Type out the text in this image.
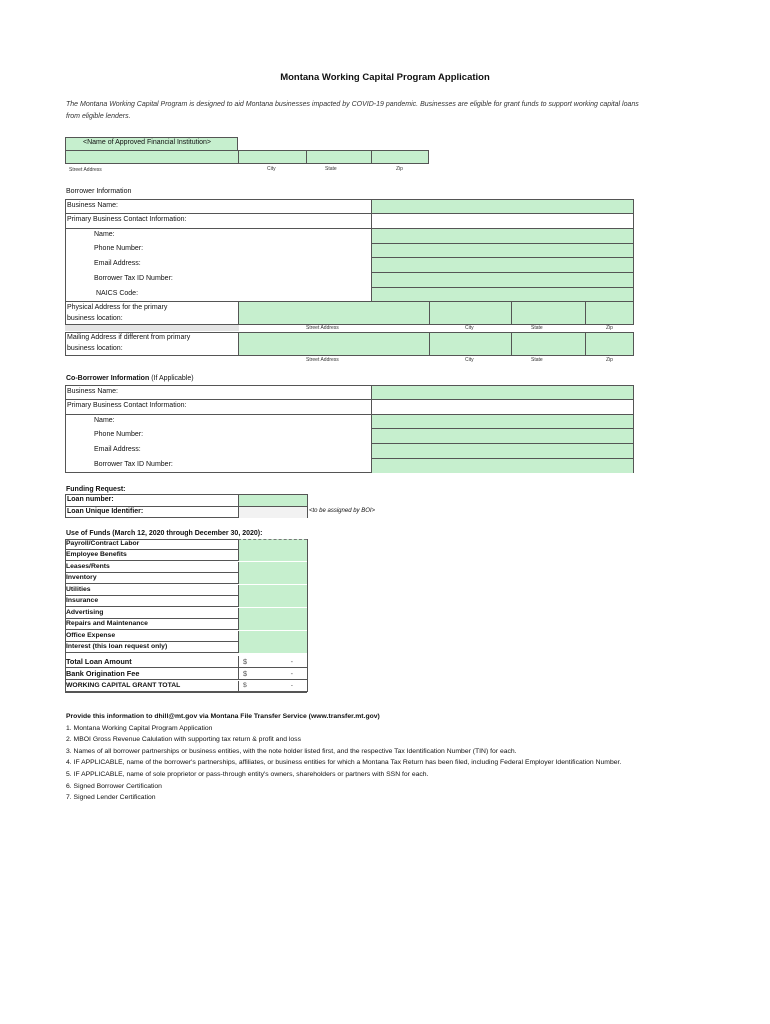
Montana Working Capital Program Application
The Montana Working Capital Program is designed to aid Montana businesses impacted by COVID-19 pandemic. Businesses are eligible for grant funds to support working capital loans from eligible lenders.
<Name of Approved Financial Institution>
Street Address	City	State	Zip
Borrower Information
Business Name:
Primary Business Contact Information:
Name:
Phone Number:
Email Address:
Borrower Tax ID Number:
NAICS Code:
Physical Address for the primary
business location:
Street Address	City	State	Zip
Mailing Address if different from primary
business location:
Street Address	City	State	Zip
Co-Borrower Information (If Applicable)
Business Name:
Primary Business Contact Information:
Name:
Phone Number:
Email Address:
Borrower Tax ID Number:
Funding Request:
Loan number:
Loan Unique Identifier:	<to be assigned by BOI>
Use of Funds (March 12, 2020 through December 30, 2020):
Payroll/Contract Labor
Employee Benefits
Leases/Rents
Inventory
Utilities
Insurance
Advertising
Repairs and Maintenance
Office Expense
Interest (this loan request only)
Total Loan Amount	$	-
Bank Origination Fee	$	-
WORKING CAPITAL GRANT TOTAL	$	-
Provide this information to dhill@mt.gov via Montana File Transfer Service (www.transfer.mt.gov)
1. Montana Working Capital Program Application
2. MBOI Gross Revenue Calulation with supporting tax return & profit and loss
3. Names of all borrower partnerships or business entities, with the note holder listed first, and the respective Tax Identification Number (TIN) for each.
4. IF APPLICABLE, name of the borrower's partnerships, affiliates, or business entities for which a Montana Tax Return has been filed, including Federal Employer Identification Number.
5. IF APPLICABLE, name of sole proprietor or pass-through entity's owners, shareholders or partners with SSN for each.
6. Signed Borrower Certification
7. Signed Lender Certification
